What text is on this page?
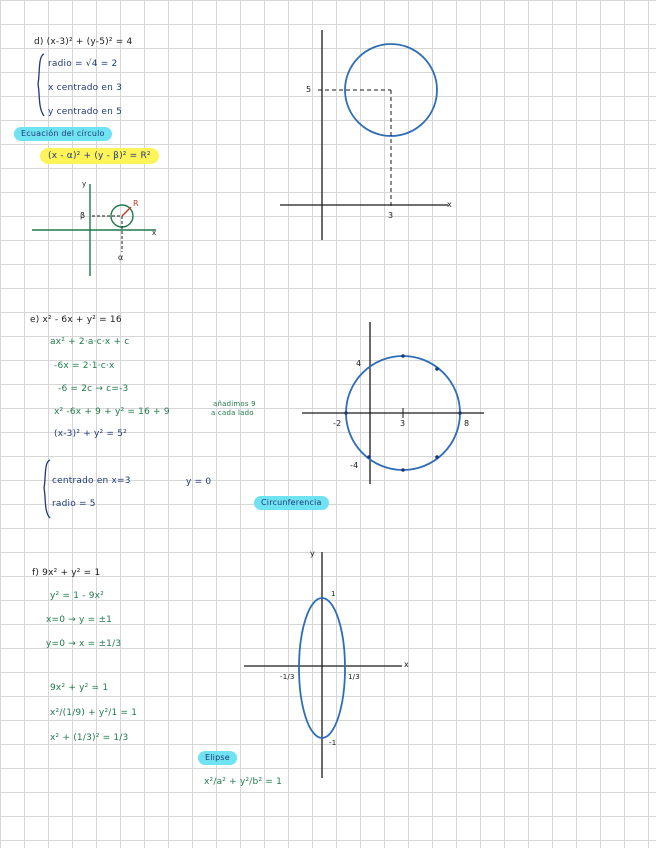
d) (x-3)² + (y-5)² = 4
radio = √4 = 2
x centrado en 3
y centrado en 5
Ecuación del círculo
(x - α)² + (y - β)² = R²
y
x
β
α
R
5
3
x
e) x² - 6x + y² = 16
ax² + 2·a·c·x + c
-6x = 2·1·c·x
-6 = 2c → c=-3
x² -6x + 9 + y² = 16 + 9
añadimos 9
a cada lado
(x-3)² + y² = 5²
centrado en x=3	y = 0
radio = 5	Circunferencia
4
-4
-2	3	8
f) 9x² + y² = 1
y² = 1 - 9x²
x=0 → y = ±1
y=0 → x = ±1/3
9x² + y² = 1
x²/(1/9) + y²/1 = 1
x² + (1/3)² = 1/3
Elipse
x²/a² + y²/b² = 1
y
x
1
-1
-1/3	1/3
